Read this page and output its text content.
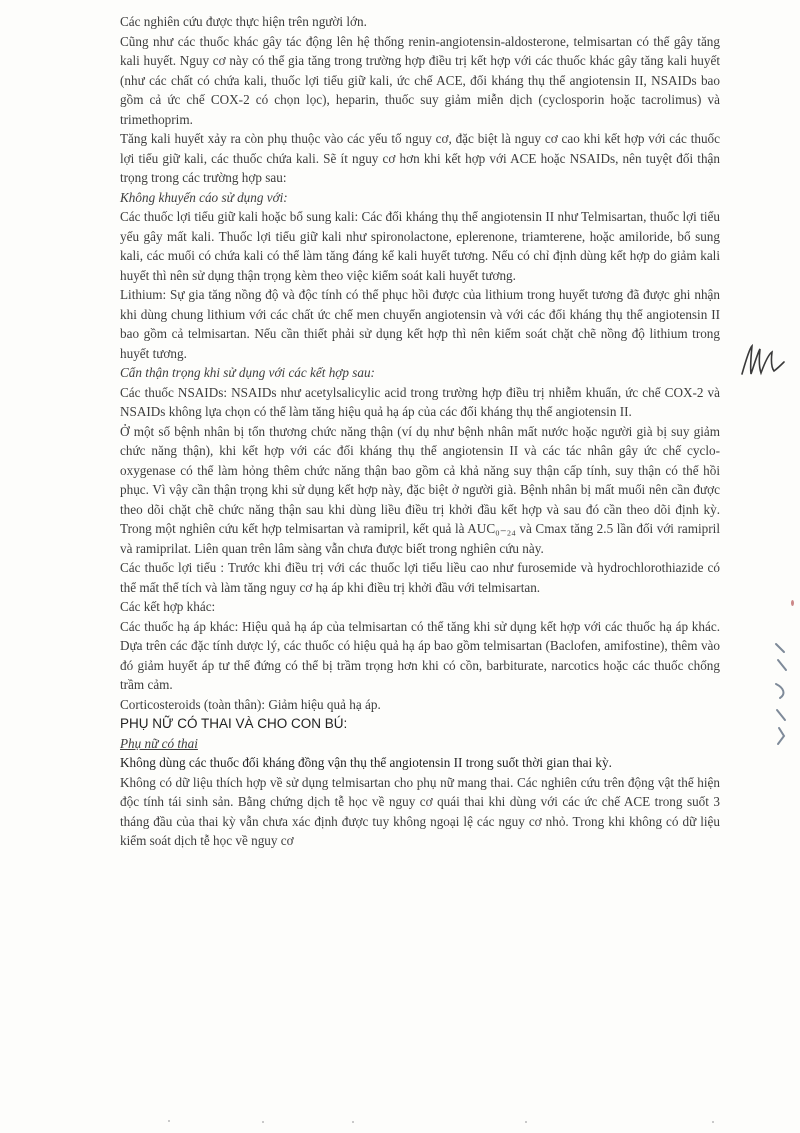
Các nghiên cứu được thực hiện trên người lớn.

Cũng như các thuốc khác gây tác động lên hệ thống renin-angiotensin-aldosterone, telmisartan có thể gây tăng kali huyết. Nguy cơ này có thể gia tăng trong trường hợp điều trị kết hợp với các thuốc khác gây tăng kali huyết (như các chất có chứa kali, thuốc lợi tiểu giữ kali, ức chế ACE, đối kháng thụ thể angiotensin II, NSAIDs bao gồm cả ức chế COX-2 có chọn lọc), heparin, thuốc suy giảm miễn dịch (cyclosporin hoặc tacrolimus) và trimethoprim.

Tăng kali huyết xảy ra còn phụ thuộc vào các yếu tố nguy cơ, đặc biệt là nguy cơ cao khi kết hợp với các thuốc lợi tiểu giữ kali, các thuốc chứa kali. Sẽ ít nguy cơ hơn khi kết hợp với ACE hoặc NSAIDs, nên tuyệt đối thận trọng trong các trường hợp sau:

Không khuyến cáo sử dụng với:

Các thuốc lợi tiểu giữ kali hoặc bổ sung kali: Các đối kháng thụ thể angiotensin II như Telmisartan, thuốc lợi tiểu yếu gây mất kali. Thuốc lợi tiểu giữ kali như spironolactone, eplerenone, triamterene, hoặc amiloride, bổ sung kali, các muối có chứa kali có thể làm tăng đáng kể kali huyết tương. Nếu có chỉ định dùng kết hợp do giảm kali huyết thì nên sử dụng thận trọng kèm theo việc kiểm soát kali huyết tương.

Lithium: Sự gia tăng nồng độ và độc tính có thể phục hồi được của lithium trong huyết tương đã được ghi nhận khi dùng chung lithium với các chất ức chế men chuyển angiotensin và với các đối kháng thụ thể angiotensin II bao gồm cả telmisartan. Nếu cần thiết phải sử dụng kết hợp thì nên kiểm soát chặt chẽ nồng độ lithium trong huyết tương.

Cẩn thận trọng khi sử dụng với các kết hợp sau:

Các thuốc NSAIDs: NSAIDs như acetylsalicylic acid trong trường hợp điều trị nhiễm khuẩn, ức chế COX-2 và NSAIDs không lựa chọn có thể làm tăng hiệu quả hạ áp của các đối kháng thụ thể angiotensin II.

Ở một số bệnh nhân bị tổn thương chức năng thận (ví dụ như bệnh nhân mất nước hoặc người già bị suy giảm chức năng thận), khi kết hợp với các đối kháng thụ thể angiotensin II và các tác nhân gây ức chế cyclo-oxygenase có thể làm hỏng thêm chức năng thận bao gồm cả khả năng suy thận cấp tính, suy thận có thể hồi phục. Vì vậy cần thận trọng khi sử dụng kết hợp này, đặc biệt ở người già. Bệnh nhân bị mất muối nên cần được theo dõi chặt chẽ chức năng thận sau khi dùng liều điều trị khởi đầu kết hợp và sau đó cần theo dõi định kỳ. Trong một nghiên cứu kết hợp telmisartan và ramipril, kết quả là AUC₀₋₂₄ và Cmax tăng 2.5 lần đối với ramipril và ramiprilat. Liên quan trên lâm sàng vẫn chưa được biết trong nghiên cứu này.

Các thuốc lợi tiểu : Trước khi điều trị với các thuốc lợi tiểu liều cao như furosemide và hydrochlorothiazide có thể mất thể tích và làm tăng nguy cơ hạ áp khi điều trị khởi đầu với telmisartan.

Các kết hợp khác:

Các thuốc hạ áp khác: Hiệu quả hạ áp của telmisartan có thể tăng khi sử dụng kết hợp với các thuốc hạ áp khác. Dựa trên các đặc tính dược lý, các thuốc có hiệu quả hạ áp bao gồm telmisartan (Baclofen, amifostine), thêm vào đó giảm huyết áp tư thế đứng có thể bị trầm trọng hơn khi có cồn, barbiturate, narcotics hoặc các thuốc chống trầm cảm.

Corticosteroids (toàn thân): Giảm hiệu quả hạ áp.

PHỤ NỮ CÓ THAI VÀ CHO CON BÚ:

Phụ nữ có thai

Không dùng các thuốc đối kháng đồng vận thụ thể angiotensin II trong suốt thời gian thai kỳ.

Không có dữ liệu thích hợp về sử dụng telmisartan cho phụ nữ mang thai. Các nghiên cứu trên động vật thể hiện độc tính tái sinh sản. Bằng chứng dịch tễ học về nguy cơ quái thai khi dùng với các ức chế ACE trong suốt 3 tháng đầu của thai kỳ vẫn chưa xác định được tuy không ngoại lệ các nguy cơ nhỏ. Trong khi không có dữ liệu kiểm soát dịch tễ học về nguy cơ
